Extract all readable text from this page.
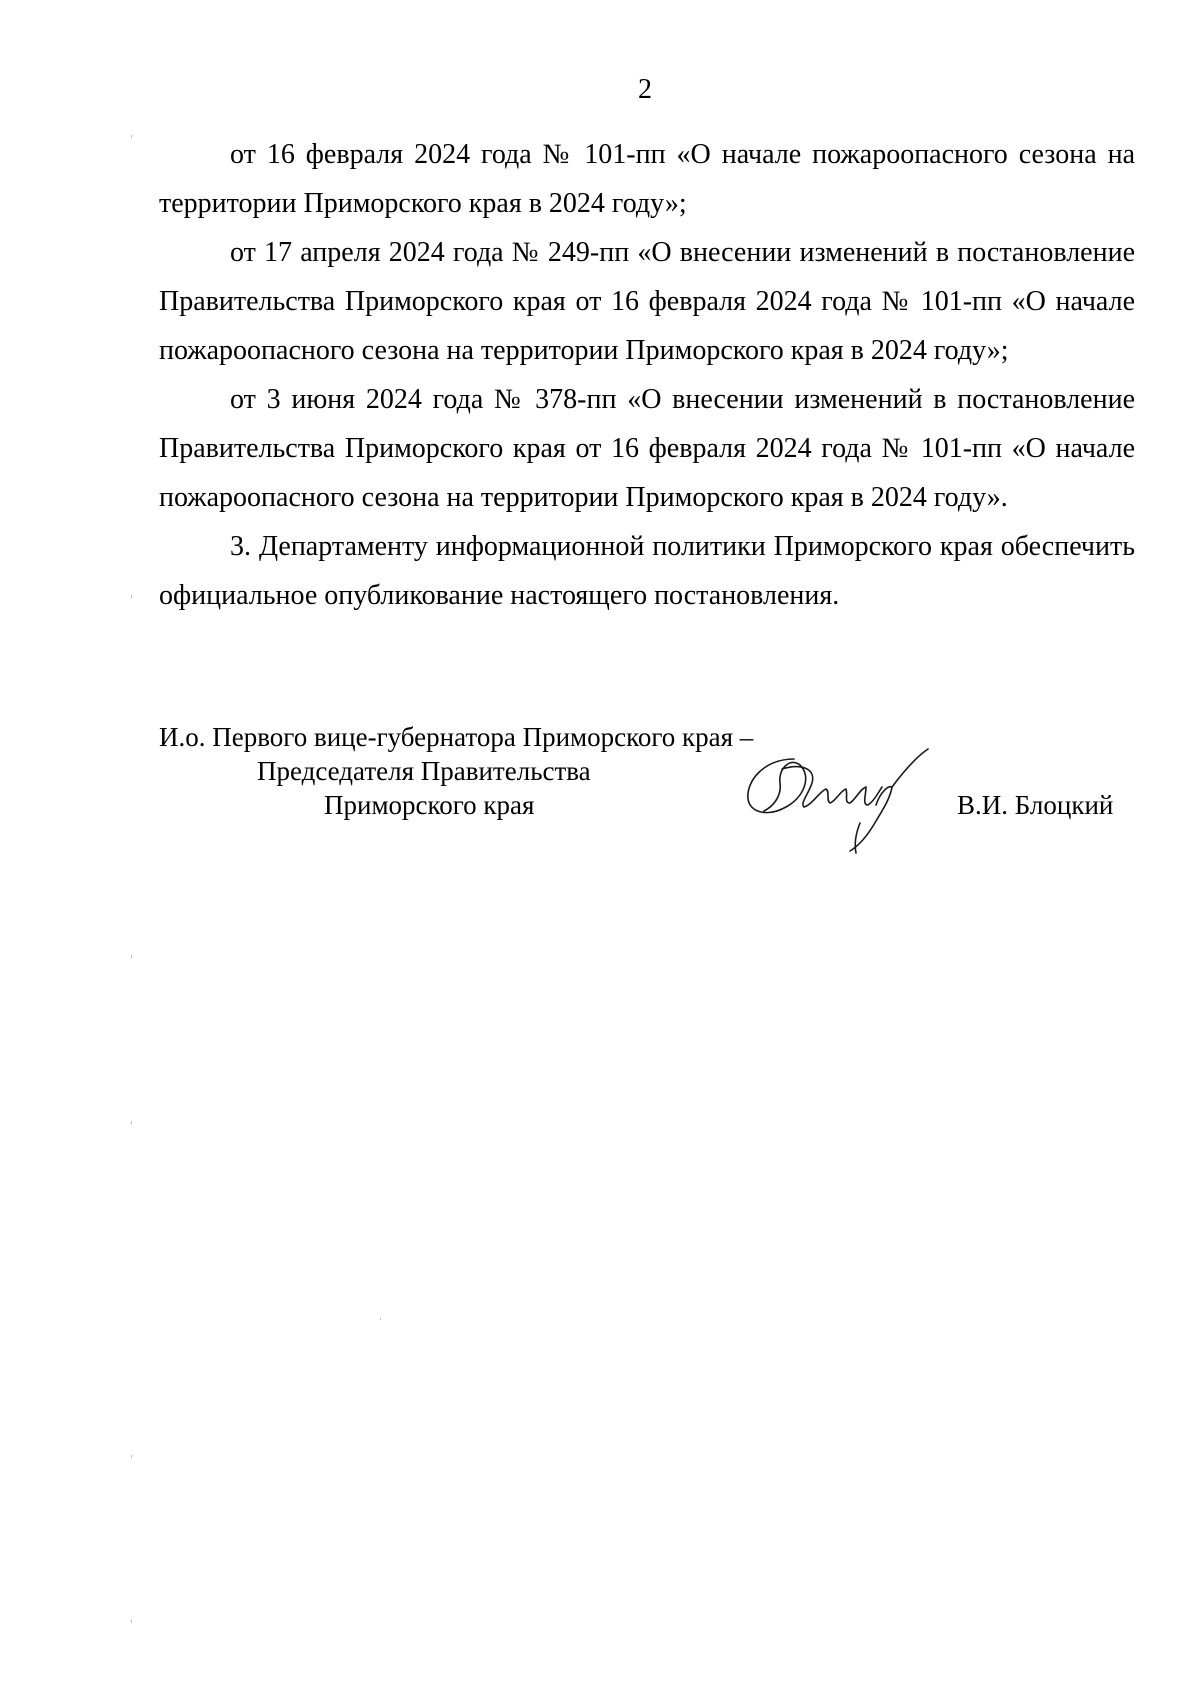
2

от 16 февраля 2024 года № 101-пп «О начале пожароопасного сезона на территории Приморского края в 2024 году»;

от 17 апреля 2024 года № 249-пп «О внесении изменений в постановление Правительства Приморского края от 16 февраля 2024 года № 101-пп «О начале пожароопасного сезона на территории Приморского края в 2024 году»;

от 3 июня 2024 года № 378-пп «О внесении изменений в постановление Правительства Приморского края от 16 февраля 2024 года № 101-пп «О начале пожароопасного сезона на территории Приморского края в 2024 году».

3. Департаменту информационной политики Приморского края обеспечить официальное опубликование настоящего постановления.

И.о. Первого вице-губернатора Приморского края –
Председателя Правительства
Приморского края	В.И. Блоцкий
